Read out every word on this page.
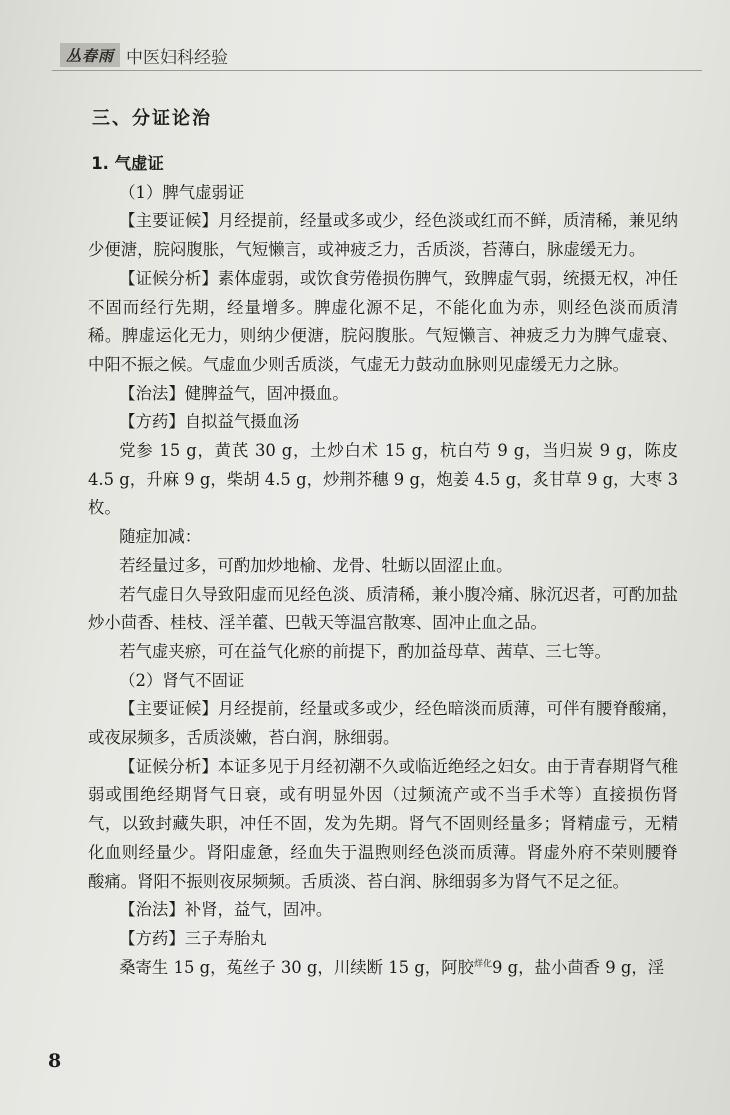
丛春雨 中医妇科经验
三、分证论治

1. 气虚证

（1）脾气虚弱证

【主要证候】月经提前，经量或多或少，经色淡或红而不鲜，质清稀，兼见纳少便溏，脘闷腹胀，气短懒言，或神疲乏力，舌质淡，苔薄白，脉虚缓无力。

【证候分析】素体虚弱，或饮食劳倦损伤脾气，致脾虚气弱，统摄无权，冲任不固而经行先期，经量增多。脾虚化源不足，不能化血为赤，则经色淡而质清稀。脾虚运化无力，则纳少便溏，脘闷腹胀。气短懒言、神疲乏力为脾气虚衰、中阳不振之候。气虚血少则舌质淡，气虚无力鼓动血脉则见虚缓无力之脉。

【治法】健脾益气，固冲摄血。

【方药】自拟益气摄血汤

党参 15 g，黄芪 30 g，土炒白术 15 g，杭白芍 9 g，当归炭 9 g，陈皮 4.5 g，升麻 9 g，柴胡 4.5 g，炒荆芥穗 9 g，炮姜 4.5 g，炙甘草 9 g，大枣 3 枚。

随症加减：

若经量过多，可酌加炒地榆、龙骨、牡蛎以固涩止血。

若气虚日久导致阳虚而见经色淡、质清稀，兼小腹冷痛、脉沉迟者，可酌加盐炒小茴香、桂枝、淫羊藿、巴戟天等温宫散寒、固冲止血之品。

若气虚夹瘀，可在益气化瘀的前提下，酌加益母草、茜草、三七等。

（2）肾气不固证

【主要证候】月经提前，经量或多或少，经色暗淡而质薄，可伴有腰脊酸痛，或夜尿频多，舌质淡嫩，苔白润，脉细弱。

【证候分析】本证多见于月经初潮不久或临近绝经之妇女。由于青春期肾气稚弱或围绝经期肾气日衰，或有明显外因（过频流产或不当手术等）直接损伤肾气，以致封藏失职，冲任不固，发为先期。肾气不固则经量多；肾精虚亏，无精化血则经量少。肾阳虚惫，经血失于温煦则经色淡而质薄。肾虚外府不荣则腰脊酸痛。肾阳不振则夜尿频频。舌质淡、苔白润、脉细弱多为肾气不足之征。

【治法】补肾，益气，固冲。

【方药】三子寿胎丸

桑寄生 15 g，菟丝子 30 g，川续断 15 g，阿胶$^{烊化}$9 g，盐小茴香 9 g，淫

8
